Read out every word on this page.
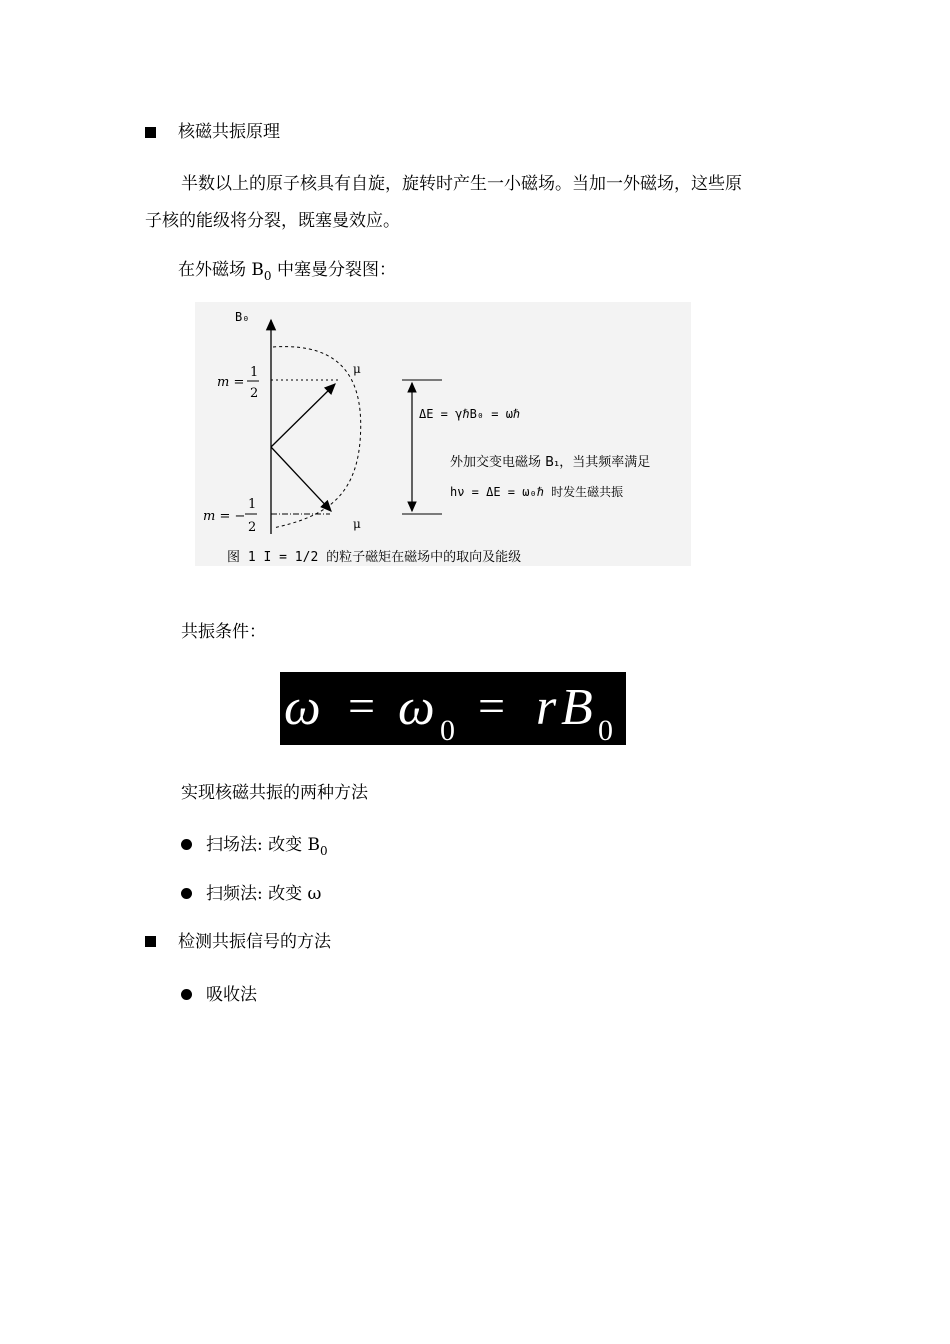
核磁共振原理
半数以上的原子核具有自旋，旋转时产生一小磁场。当加一外磁场，这些原
子核的能级将分裂，既塞曼效应。
在外磁场 $B_0$ 中塞曼分裂图：
B₀
μ
μ
m =
1
2
m = −
1
2
ΔE = γℏB₀ = ωℏ
外加交变电磁场 B₁，当其频率满足
hν = ΔE = ω₀ℏ 时发生磁共振
图 1 I = 1/2 的粒子磁矩在磁场中的取向及能级
共振条件：
ω = ω 0 = r B 0
实现核磁共振的两种方法
扫场法: 改变 $B_0$
扫频法: 改变 ω
检测共振信号的方法
吸收法
